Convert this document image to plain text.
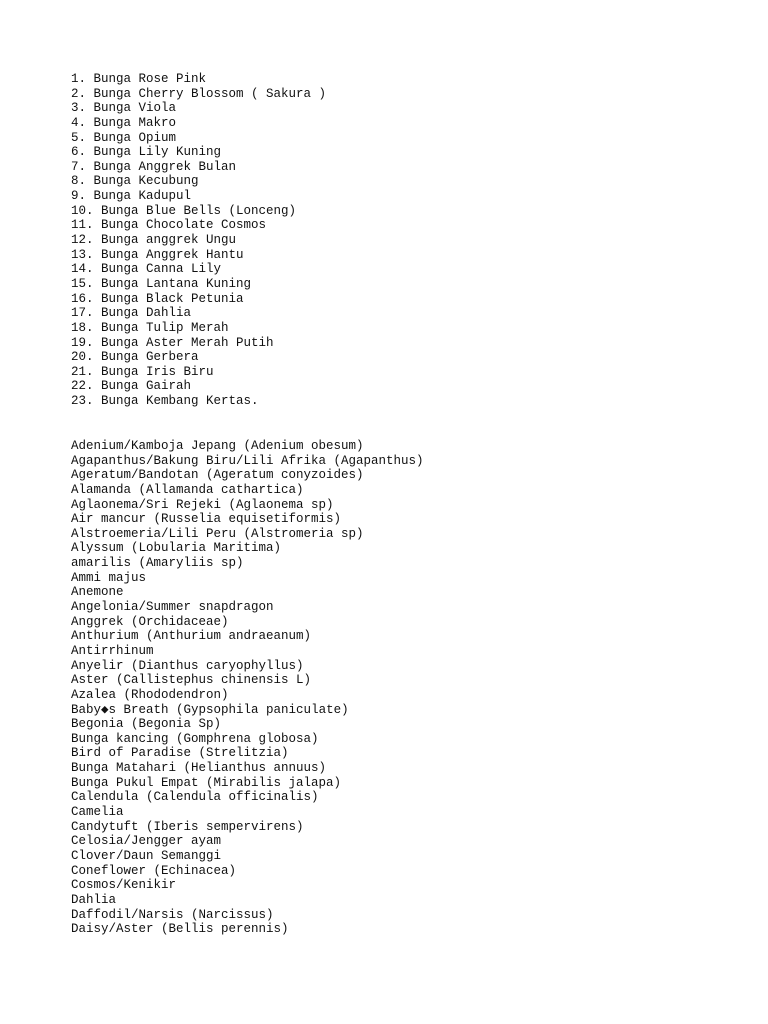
1. Bunga Rose Pink
2. Bunga Cherry Blossom ( Sakura )
3. Bunga Viola
4. Bunga Makro
5. Bunga Opium
6. Bunga Lily Kuning
7. Bunga Anggrek Bulan
8. Bunga Kecubung
9. Bunga Kadupul
10. Bunga Blue Bells (Lonceng)
11. Bunga Chocolate Cosmos
12. Bunga anggrek Ungu
13. Bunga Anggrek Hantu
14. Bunga Canna Lily
15. Bunga Lantana Kuning
16. Bunga Black Petunia
17. Bunga Dahlia
18. Bunga Tulip Merah
19. Bunga Aster Merah Putih
20. Bunga Gerbera
21. Bunga Iris Biru
22. Bunga Gairah
23. Bunga Kembang Kertas.
Adenium/Kamboja Jepang (Adenium obesum)
Agapanthus/Bakung Biru/Lili Afrika (Agapanthus)
Ageratum/Bandotan (Ageratum conyzoides)
Alamanda (Allamanda cathartica)
Aglaonema/Sri Rejeki (Aglaonema sp)
Air mancur (Russelia equisetiformis)
Alstroemeria/Lili Peru (Alstromeria sp)
Alyssum (Lobularia Maritima)
amarilis (Amaryliis sp)
Ammi majus
Anemone
Angelonia/Summer snapdragon
Anggrek (Orchidaceae)
Anthurium (Anthurium andraeanum)
Antirrhinum
Anyelir (Dianthus caryophyllus)
Aster (Callistephus chinensis L)
Azalea (Rhododendron)
Baby◆s Breath (Gypsophila paniculate)
Begonia (Begonia Sp)
Bunga kancing (Gomphrena globosa)
Bird of Paradise (Strelitzia)
Bunga Matahari (Helianthus annuus)
Bunga Pukul Empat (Mirabilis jalapa)
Calendula (Calendula officinalis)
Camelia
Candytuft (Iberis sempervirens)
Celosia/Jengger ayam
Clover/Daun Semanggi
Coneflower (Echinacea)
Cosmos/Kenikir
Dahlia
Daffodil/Narsis (Narcissus)
Daisy/Aster (Bellis perennis)
